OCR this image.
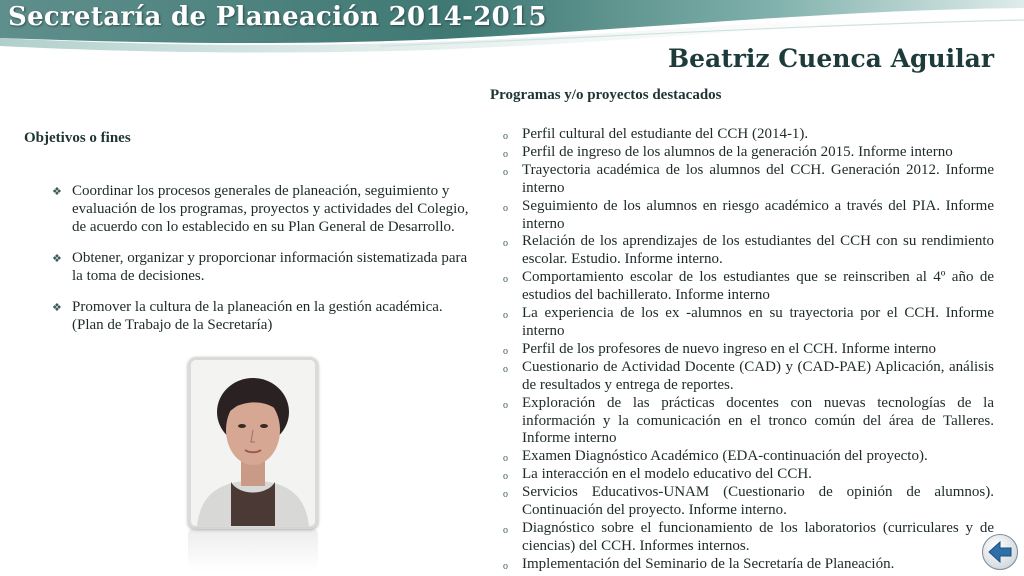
Secretaría de Planeación 2014-2015
Beatriz Cuenca Aguilar
Programas y/o proyectos destacados
Objetivos o fines
❖ Coordinar los procesos generales de planeación, seguimiento y evaluación de los programas, proyectos y actividades del Colegio, de acuerdo con lo establecido en su Plan General de Desarrollo.
❖ Obtener, organizar y proporcionar información sistematizada para la toma de decisiones.
❖ Promover la cultura de la planeación en la gestión académica. (Plan de Trabajo de la Secretaría)
o Perfil cultural del estudiante del CCH (2014-1).
o Perfil de ingreso de los alumnos de la generación 2015. Informe interno
o Trayectoria académica de los alumnos del CCH. Generación 2012. Informe interno
o Seguimiento de los alumnos en riesgo académico a través del PIA. Informe interno
o Relación de los aprendizajes de los estudiantes del CCH con su rendimiento escolar. Estudio. Informe interno.
o Comportamiento escolar de los estudiantes que se reinscriben al 4º año de estudios del bachillerato. Informe interno
o La experiencia de los ex -alumnos en su trayectoria por el CCH. Informe interno
o Perfil de los profesores de nuevo ingreso en el CCH. Informe interno
o Cuestionario de Actividad Docente (CAD) y (CAD-PAE) Aplicación, análisis de resultados y entrega de reportes.
o Exploración de las prácticas docentes con nuevas tecnologías de la información y la comunicación en el tronco común del área de Talleres. Informe interno
o Examen Diagnóstico Académico (EDA-continuación del proyecto).
o La interacción en el modelo educativo del CCH.
o Servicios Educativos-UNAM (Cuestionario de opinión de alumnos). Continuación del proyecto. Informe interno.
o Diagnóstico sobre el funcionamiento de los laboratorios (curriculares y de ciencias) del CCH. Informes internos.
o Implementación del Seminario de la Secretaría de Planeación.
